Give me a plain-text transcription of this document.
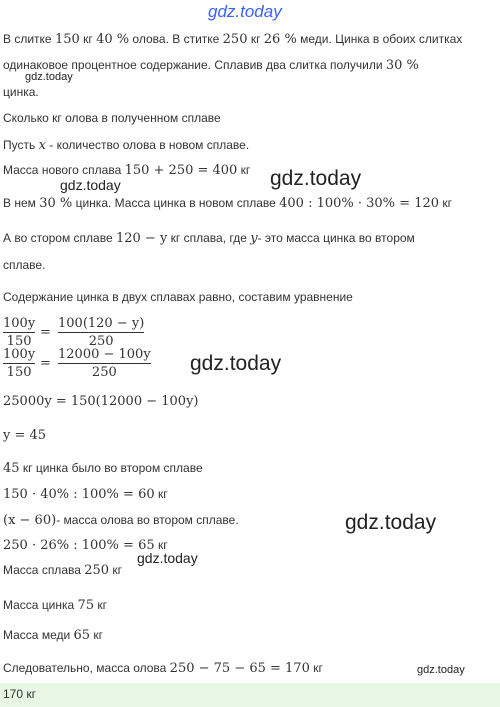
gdz.today
В слитке 150 кг 40 % олова. В ститке 250 кг 26 % меди. Цинка в обоих слитках
одинаковое процентное содержание. Сплавив два слитка получили 30 %
gdz.today
цинка.
Сколько кг олова в полученном сплаве
Пусть x - количество олова в новом сплаве.
Масса нового сплава 150 + 250 = 400 кг gdz.today
gdz.today
В нем 30 % цинка. Масса цинка в новом сплаве 400 : 100% · 30% = 120 кг
А во стором сплаве 120 − y кг сплава, где y- это масса цинка во втором
сплаве.
Содержание цинка в двух сплавах равно, составим уравнение
100y
150
=
100(120 − y)
250
100y
150
=
12000 − 100y
250	gdz.today
25000y = 150(12000 − 100y)
y = 45
45 кг цинка было во втором сплаве
150 · 40% : 100% = 60 кг
(x − 60)- масса олова во втором сплаве.	gdz.today
250 · 26% : 100% = 65 кг
gdz.today
Масса сплава 250 кг
Масса цинка 75 кг
Масса меди 65 кг
Следовательно, масса олова 250 − 75 − 65 = 170 кг	gdz.today
170 кг
